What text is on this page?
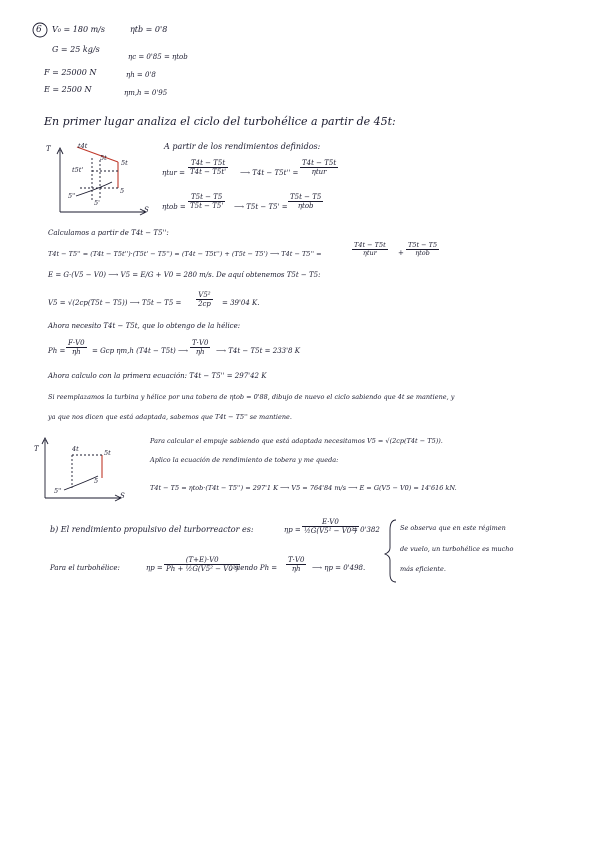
6 V₀ = 180 m/s
G = 25 kg/s
F = 25000 N
E = 2500 N
ηtb = 0'8
ηc = 0'85 = ηtob
ηh = 0'8
ηm,h = 0'95
En primer lugar analiza el ciclo del turbohélice a partir de 45t:
T
S
t4t
5t
5t
t5t'
5''
5'
5
A partir de los rendimientos definidos:
$\eta tur = \frac{T4t - T5t}{T4t - T5t'}$ ⟶ T4t − T5t'' =
T4t − T5t
ηtur
$\eta tob = \frac{T5t - T5}{T5t - T5'}$ ⟶ T5t − T5' =
T5t − T5
ηtob
Calculamos a partir de T4t − T5'':
T4t − T5'' = (T4t − T5t'')·(T5t' − T5'') ≃ (T4t − T5t'') + (T5t − T5') ⟶ T4t − T5'' =
T4t − T5t
ηtur	+
T5t − T5
ηtob
E = G·(V5 − V0) ⟶ V5 = E/G + V0 = 280 m/s. De aquí obtenemos T5t − T5:
V5 = √(2cp(T5t − T5)) ⟶ $T5t - T5 = \frac{\text{V5²}}{2cp} = 39'04$ K.
Ahora necesito T4t − T5t, que lo obtengo de la hélice:
$Ph = \frac{F\cdot V0}{\eta h}$ = Gcp ηm,h (T4t − T5t) ⟶ $\frac{T\cdot V0}{\eta h}$ ⟶ T4t − T5t = 233'8 K
Ahora calculo con la primera ecuación: T4t − T5'' = 297'42 K
Si reemplazamos la turbina y hélice por una tobera de ηtob = 0'88, dibujo de nuevo el ciclo sabiendo que 4t se mantiene, y
ya que nos dicen que está adaptada, sabemos que T4t − T5'' se mantiene.
T
S
4t	5t
5''
5
Para calcular el empuje sabiendo que está adaptada necesitamos V5 = √(2cp(T4t − T5)).
Aplico la ecuación de rendimiento de tobera y me queda:
T4t − T5 = ηtob·(T4t − T5'') = 297'1 K ⟶ V5 = 764'84 m/s ⟶ E = G(V5 − V0) = 14'616 kN.
b) El rendimiento propulsivo del turborreactor es:	$\eta p = \frac{E\cdot V0}{\text{½G(V5² − V0²)}}$
= 0'382	Se observa que en este régimen
de vuelo, un turbohélice es mucho
más eficiente.
Para el turbohélice:	$\eta p = \frac{(T+E)\cdot V0}{\text{Ph + ½G(V5² − V0²)}}$
, siendo $Ph = \frac{T\cdot V0}{\eta h}$ ⟶ ηp = 0'498.
